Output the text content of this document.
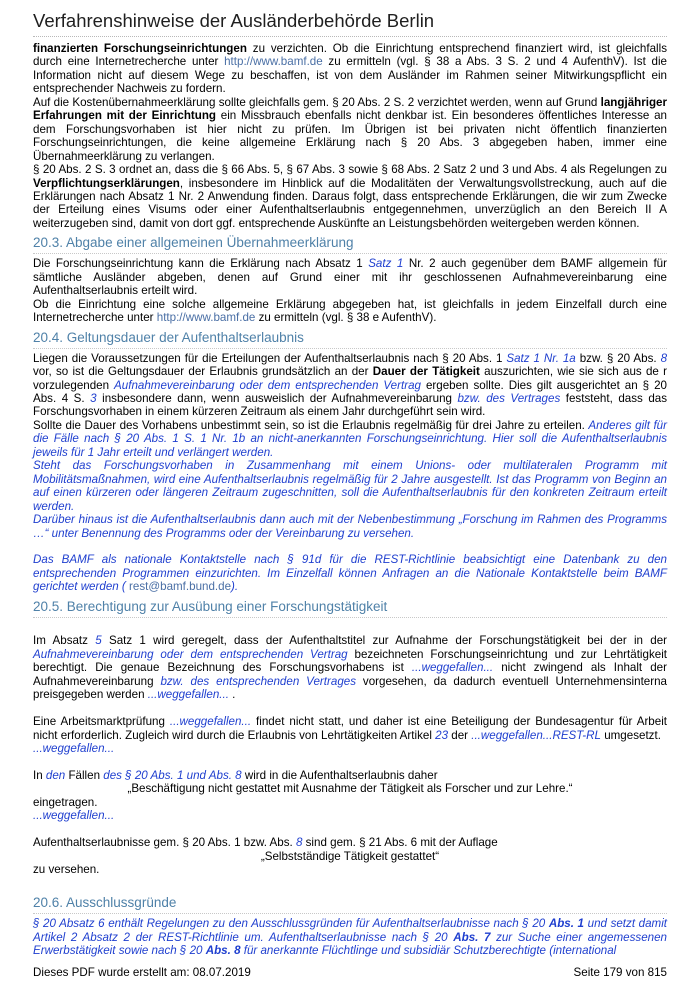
Verfahrenshinweise der Ausländerbehörde Berlin

finanzierten Forschungseinrichtungen zu verzichten. Ob die Einrichtung entsprechend finanziert wird, ist gleichfalls durch eine Internetrecherche unter http://www.bamf.de zu ermitteln (vgl. § 38 a Abs. 3 S. 2 und 4 AufenthV). Ist die Information nicht auf diesem Wege zu beschaffen, ist von dem Ausländer im Rahmen seiner Mitwirkungspflicht ein entsprechender Nachweis zu fordern.

Auf die Kostenübernahmeerklärung sollte gleichfalls gem. § 20 Abs. 2 S. 2 verzichtet werden, wenn auf Grund langjähriger Erfahrungen mit der Einrichtung ein Missbrauch ebenfalls nicht denkbar ist. Ein besonderes öffentliches Interesse an dem Forschungsvorhaben ist hier nicht zu prüfen. Im Übrigen ist bei privaten nicht öffentlich finanzierten Forschungseinrichtungen, die keine allgemeine Erklärung nach § 20 Abs. 3 abgegeben haben, immer eine Übernahmeerklärung zu verlangen.

§ 20 Abs. 2 S. 3 ordnet an, dass die § 66 Abs. 5, § 67 Abs. 3 sowie § 68 Abs. 2 Satz 2 und 3 und Abs. 4 als Regelungen zu Verpflichtungserklärungen, insbesondere im Hinblick auf die Modalitäten der Verwaltungsvollstreckung, auch auf die Erklärungen nach Absatz 1 Nr. 2 Anwendung finden. Daraus folgt, dass entsprechende Erklärungen, die wir zum Zwecke der Erteilung eines Visums oder einer Aufenthaltserlaubnis entgegennehmen, unverzüglich an den Bereich II A weiterzugeben sind, damit von dort ggf. entsprechende Auskünfte an Leistungsbehörden weitergeben werden können.

20.3. Abgabe einer allgemeinen Übernahmeerklärung

Die Forschungseinrichtung kann die Erklärung nach Absatz 1 Satz 1 Nr. 2 auch gegenüber dem BAMF allgemein für sämtliche Ausländer abgeben, denen auf Grund einer mit ihr geschlossenen Aufnahmevereinbarung eine Aufenthaltserlaubnis erteilt wird.

Ob die Einrichtung eine solche allgemeine Erklärung abgegeben hat, ist gleichfalls in jedem Einzelfall durch eine Internetrecherche unter http://www.bamf.de zu ermitteln (vgl. § 38 e AufenthV).

20.4. Geltungsdauer der Aufenthaltserlaubnis

Liegen die Voraussetzungen für die Erteilungen der Aufenthaltserlaubnis nach § 20 Abs. 1 Satz 1 Nr. 1a bzw. § 20 Abs. 8 vor, so ist die Geltungsdauer der Erlaubnis grundsätzlich an der Dauer der Tätigkeit auszurichten, wie sie sich aus de r vorzulegenden Aufnahmevereinbarung oder dem entsprechenden Vertrag ergeben sollte. Dies gilt ausgerichtet an § 20 Abs. 4 S. 3 insbesondere dann, wenn ausweislich der Aufnahmevereinbarung bzw. des Vertrages feststeht, dass das Forschungsvorhaben in einem kürzeren Zeitraum als einem Jahr durchgeführt sein wird.

Sollte die Dauer des Vorhabens unbestimmt sein, so ist die Erlaubnis regelmäßig für drei Jahre zu erteilen. Anderes gilt für die Fälle nach § 20 Abs. 1 S. 1 Nr. 1b an nicht-anerkannten Forschungseinrichtung. Hier soll die Aufenthaltserlaubnis jeweils für 1 Jahr erteilt und verlängert werden.

Steht das Forschungsvorhaben in Zusammenhang mit einem Unions- oder multilateralen Programm mit Mobilitätsmaßnahmen, wird eine Aufenthaltserlaubnis regelmäßig für 2 Jahre ausgestellt. Ist das Programm von Beginn an auf einen kürzeren oder längeren Zeitraum zugeschnitten, soll die Aufenthaltserlaubnis für den konkreten Zeitraum erteilt werden.

Darüber hinaus ist die Aufenthaltserlaubnis dann auch mit der Nebenbestimmung „Forschung im Rahmen des Programms …“ unter Benennung des Programms oder der Vereinbarung zu versehen.

Das BAMF als nationale Kontaktstelle nach § 91d für die REST-Richtlinie beabsichtigt eine Datenbank zu den entsprechenden Programmen einzurichten. Im Einzelfall können Anfragen an die Nationale Kontaktstelle beim BAMF gerichtet werden ( rest@bamf.bund.de).

20.5. Berechtigung zur Ausübung einer Forschungstätigkeit

Im Absatz 5 Satz 1 wird geregelt, dass der Aufenthaltstitel zur Aufnahme der Forschungstätigkeit bei der in der Aufnahmevereinbarung oder dem entsprechenden Vertrag bezeichneten Forschungseinrichtung und zur Lehrtätigkeit berechtigt. Die genaue Bezeichnung des Forschungsvorhabens ist ...weggefallen... nicht zwingend als Inhalt der Aufnahmevereinbarung bzw. des entsprechenden Vertrages vorgesehen, da dadurch eventuell Unternehmensinterna preisgegeben werden ...weggefallen... .

Eine Arbeitsmarktprüfung ...weggefallen... findet nicht statt, und daher ist eine Beteiligung der Bundesagentur für Arbeit nicht erforderlich. Zugleich wird durch die Erlaubnis von Lehrtätigkeiten Artikel 23 der ...weggefallen...REST-RL umgesetzt.

...weggefallen...

In den Fällen des § 20 Abs. 1 und Abs. 8 wird in die Aufenthaltserlaubnis daher

„Beschäftigung nicht gestattet mit Ausnahme der Tätigkeit als Forscher und zur Lehre.“

eingetragen.

...weggefallen...

Aufenthaltserlaubnisse gem. § 20 Abs. 1 bzw. Abs. 8 sind gem. § 21 Abs. 6 mit der Auflage

„Selbstständige Tätigkeit gestattet“

zu versehen.

20.6. Ausschlussgründe

§ 20 Absatz 6 enthält Regelungen zu den Ausschlussgründen für Aufenthaltserlaubnisse nach § 20 Abs. 1 und setzt damit Artikel 2 Absatz 2 der REST-Richtlinie um. Aufenthaltserlaubnisse nach § 20 Abs. 7 zur Suche einer angemessenen Erwerbstätigkeit sowie nach § 20 Abs. 8 für anerkannte Flüchtlinge und subsidiär Schutzberechtigte (international

Dieses PDF wurde erstellt am: 08.07.2019	Seite 179 von 815
